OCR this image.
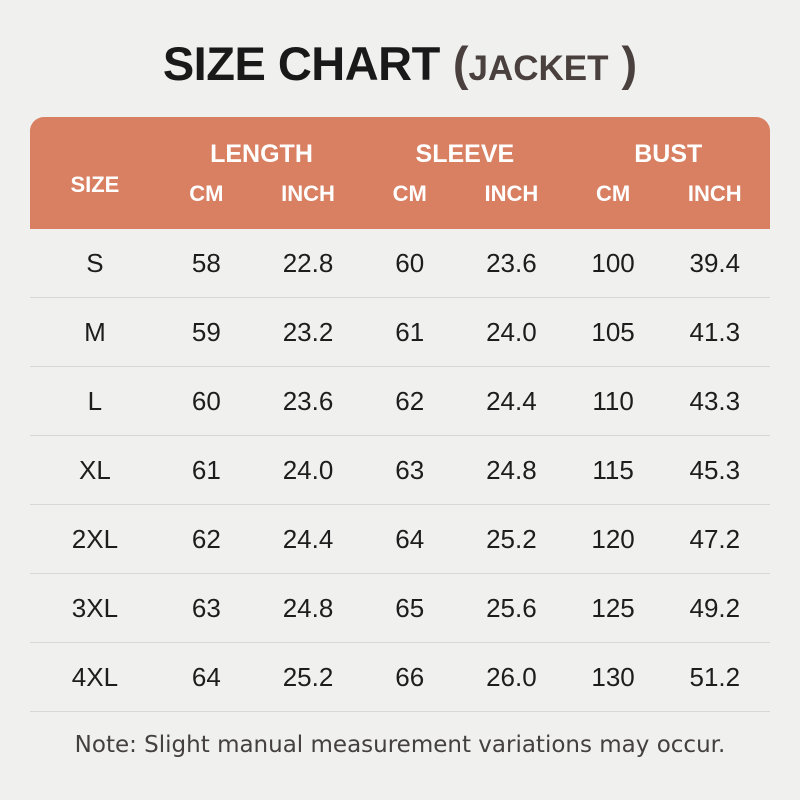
SIZE CHART ( JACKET )
SIZE	LENGTH		SLEEVE		BUST	
	CM	INCH	CM	INCH	CM	INCH
S	58	22.8	60	23.6	100	39.4
M	59	23.2	61	24.0	105	41.3
L	60	23.6	62	24.4	110	43.3
XL	61	24.0	63	24.8	115	45.3
2XL	62	24.4	64	25.2	120	47.2
3XL	63	24.8	65	25.6	125	49.2
4XL	64	25.2	66	26.0	130	51.2
Note: Slight manual measurement variations may occur.
